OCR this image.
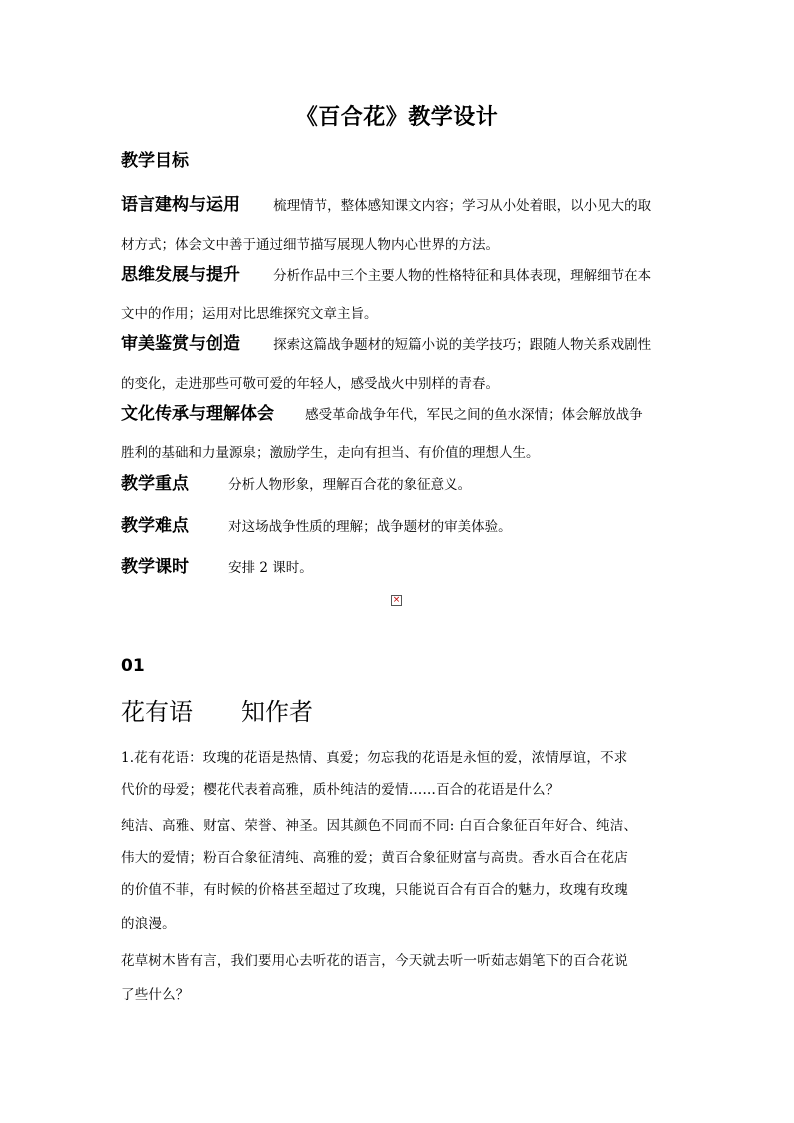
《百合花》教学设计
教学目标
语言建构与运用 梳理情节，整体感知课文内容；学习从小处着眼，以小见大的取
材方式；体会文中善于通过细节描写展现人物内心世界的方法。
思维发展与提升 分析作品中三个主要人物的性格特征和具体表现，理解细节在本
文中的作用；运用对比思维探究文章主旨。
审美鉴赏与创造 探索这篇战争题材的短篇小说的美学技巧；跟随人物关系戏剧性
的变化，走进那些可敬可爱的年轻人，感受战火中别样的青春。
文化传承与理解体会 感受革命战争年代，军民之间的鱼水深情；体会解放战争
胜利的基础和力量源泉；激励学生，走向有担当、有价值的理想人生。
教学重点	分析人物形象，理解百合花的象征意义。
教学难点	对这场战争性质的理解；战争题材的审美体验。
教学课时	安排 2 课时。
×
01
花有语 知作者
1.花有花语：玫瑰的花语是热情、真爱；勿忘我的花语是永恒的爱，浓情厚谊，不求
代价的母爱；樱花代表着高雅，质朴纯洁的爱情……百合的花语是什么？
纯洁、高雅、财富、荣誉、神圣。因其颜色不同而不同: 白百合象征百年好合、纯洁、
伟大的爱情；粉百合象征清纯、高雅的爱；黄百合象征财富与高贵。香水百合在花店
的价值不菲，有时候的价格甚至超过了玫瑰，只能说百合有百合的魅力，玫瑰有玫瑰
的浪漫。
花草树木皆有言，我们要用心去听花的语言，今天就去听一听茹志娟笔下的百合花说
了些什么？
